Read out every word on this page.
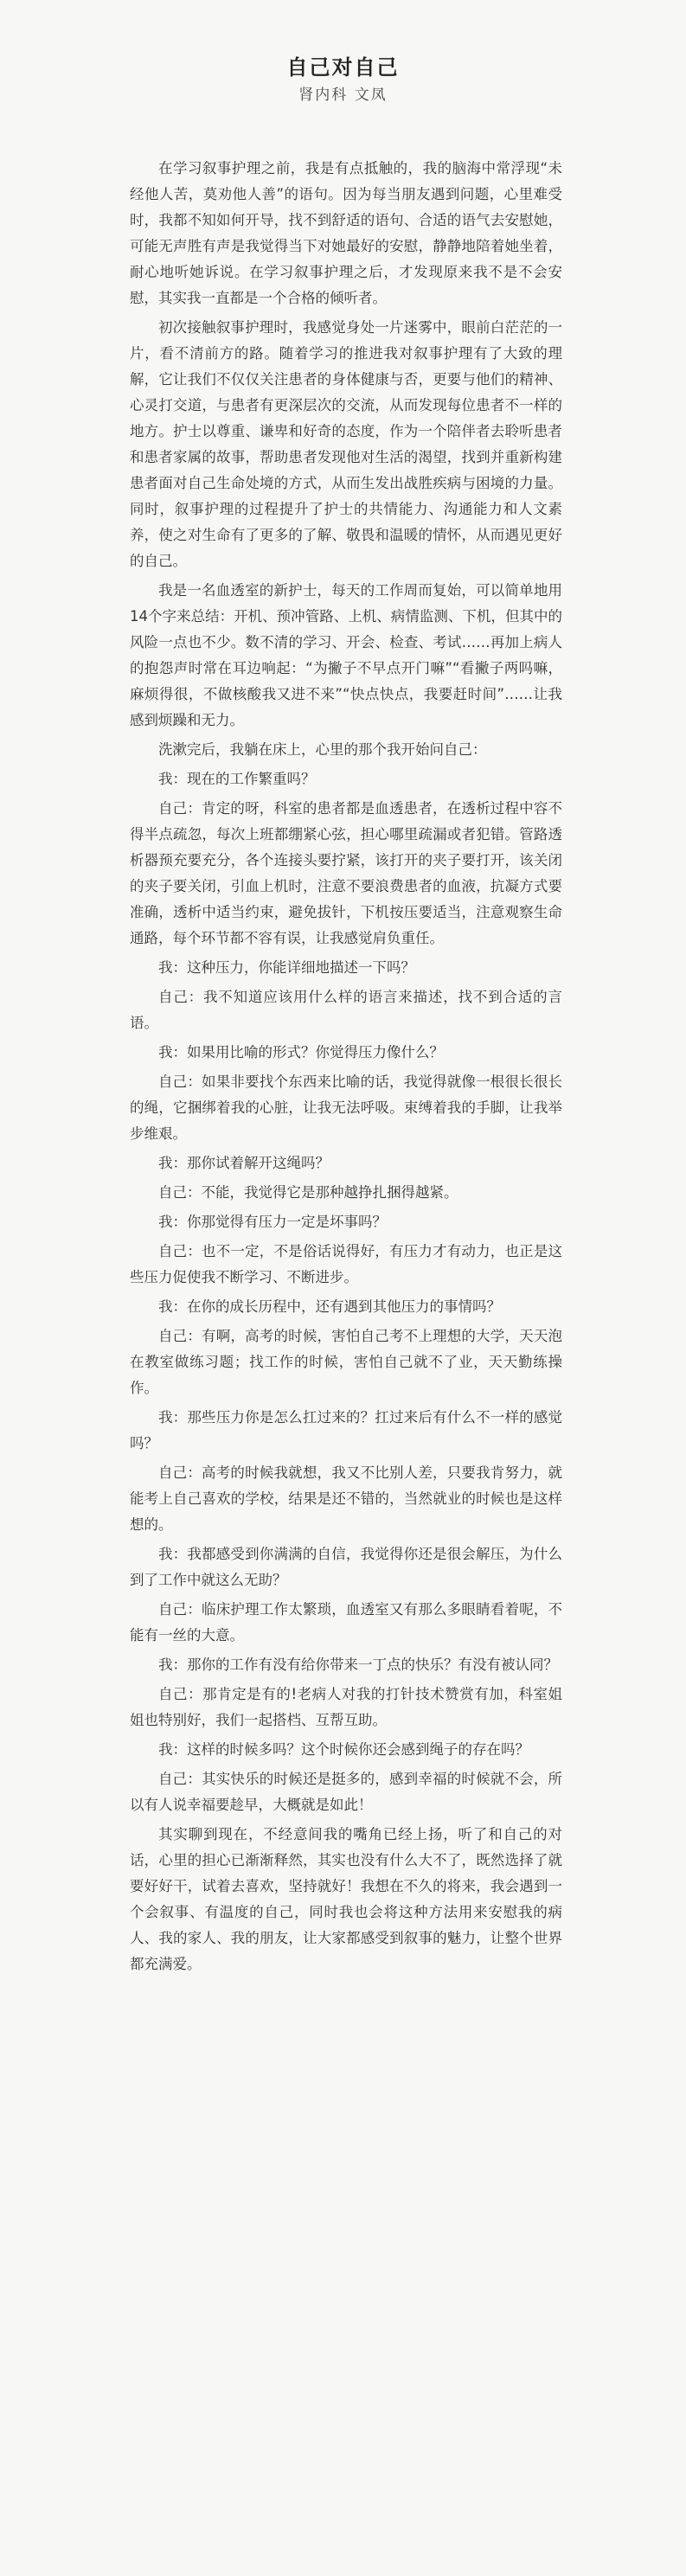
自己对自己
肾内科 文凤

在学习叙事护理之前，我是有点抵触的，我的脑海中常浮现“未经他人苦，莫劝他人善”的语句。因为每当朋友遇到问题，心里难受时，我都不知如何开导，找不到舒适的语句、合适的语气去安慰她，可能无声胜有声是我觉得当下对她最好的安慰，静静地陪着她坐着，耐心地听她诉说。在学习叙事护理之后，才发现原来我不是不会安慰，其实我一直都是一个合格的倾听者。

初次接触叙事护理时，我感觉身处一片迷雾中，眼前白茫茫的一片，看不清前方的路。随着学习的推进我对叙事护理有了大致的理解，它让我们不仅仅关注患者的身体健康与否，更要与他们的精神、心灵打交道，与患者有更深层次的交流，从而发现每位患者不一样的地方。护士以尊重、谦卑和好奇的态度，作为一个陪伴者去聆听患者和患者家属的故事，帮助患者发现他对生活的渴望，找到并重新构建患者面对自己生命处境的方式，从而生发出战胜疾病与困境的力量。同时，叙事护理的过程提升了护士的共情能力、沟通能力和人文素养，使之对生命有了更多的了解、敬畏和温暖的情怀，从而遇见更好的自己。

我是一名血透室的新护士，每天的工作周而复始，可以简单地用14个字来总结：开机、预冲管路、上机、病情监测、下机，但其中的风险一点也不少。数不清的学习、开会、检查、考试……再加上病人的抱怨声时常在耳边响起：“为撇子不早点开门嘛”“看撇子两吗嘛，麻烦得很，不做核酸我又进不来”“快点快点，我要赶时间”……让我感到烦躁和无力。

洗漱完后，我躺在床上，心里的那个我开始问自己：

我：现在的工作繁重吗？

自己：肯定的呀，科室的患者都是血透患者，在透析过程中容不得半点疏忽，每次上班都绷紧心弦，担心哪里疏漏或者犯错。管路透析器预充要充分，各个连接头要拧紧，该打开的夹子要打开，该关闭的夹子要关闭，引血上机时，注意不要浪费患者的血液，抗凝方式要准确，透析中适当约束，避免拔针，下机按压要适当，注意观察生命通路，每个环节都不容有误，让我感觉肩负重任。

我：这种压力，你能详细地描述一下吗？

自己：我不知道应该用什么样的语言来描述，找不到合适的言语。

我：如果用比喻的形式？你觉得压力像什么？

自己：如果非要找个东西来比喻的话，我觉得就像一根很长很长的绳，它捆绑着我的心脏，让我无法呼吸。束缚着我的手脚，让我举步维艰。

我：那你试着解开这绳吗？

自己：不能，我觉得它是那种越挣扎捆得越紧。

我：你那觉得有压力一定是坏事吗？

自己：也不一定，不是俗话说得好，有压力才有动力，也正是这些压力促使我不断学习、不断进步。

我：在你的成长历程中，还有遇到其他压力的事情吗？

自己：有啊，高考的时候，害怕自己考不上理想的大学，天天泡在教室做练习题；找工作的时候，害怕自己就不了业，天天勤练操作。

我：那些压力你是怎么扛过来的？扛过来后有什么不一样的感觉吗？

自己：高考的时候我就想，我又不比别人差，只要我肯努力，就能考上自己喜欢的学校，结果是还不错的，当然就业的时候也是这样想的。

我：我都感受到你满满的自信，我觉得你还是很会解压，为什么到了工作中就这么无助？

自己：临床护理工作太繁琐，血透室又有那么多眼睛看着呢，不能有一丝的大意。

我：那你的工作有没有给你带来一丁点的快乐？有没有被认同？

自己：那肯定是有的!老病人对我的打针技术赞赏有加，科室姐姐也特别好，我们一起搭档、互帮互助。

我：这样的时候多吗？这个时候你还会感到绳子的存在吗？

自己：其实快乐的时候还是挺多的，感到幸福的时候就不会，所以有人说幸福要趁早，大概就是如此！

其实聊到现在，不经意间我的嘴角已经上扬，听了和自己的对话，心里的担心已渐渐释然，其实也没有什么大不了，既然选择了就要好好干，试着去喜欢，坚持就好！我想在不久的将来，我会遇到一个会叙事、有温度的自己，同时我也会将这种方法用来安慰我的病人、我的家人、我的朋友，让大家都感受到叙事的魅力，让整个世界都充满爱。
